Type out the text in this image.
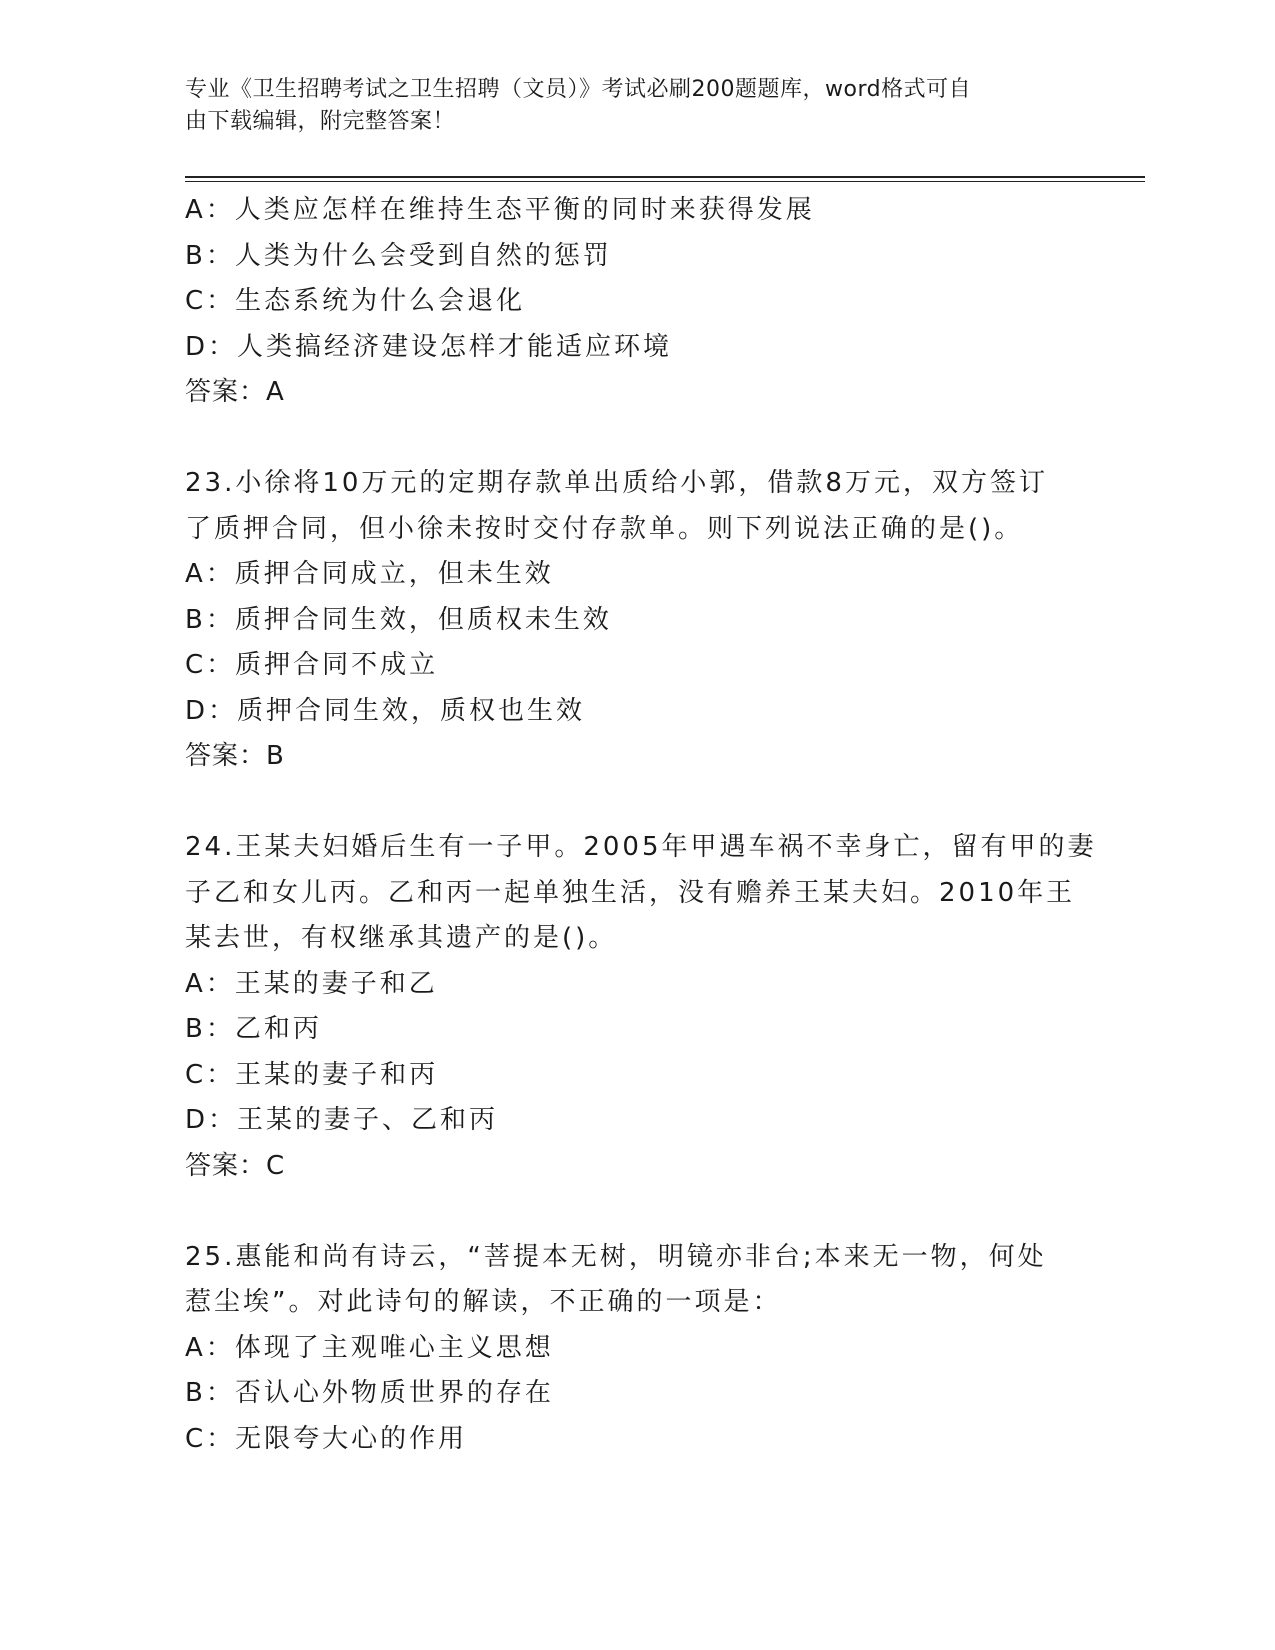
专业《卫生招聘考试之卫生招聘（文员）》考试必刷200题题库，word格式可自
由下载编辑，附完整答案！
A：人类应怎样在维持生态平衡的同时来获得发展
B：人类为什么会受到自然的惩罚
C：生态系统为什么会退化
D：人类搞经济建设怎样才能适应环境
答案：A
23.小徐将10万元的定期存款单出质给小郭，借款8万元，双方签订
了质押合同，但小徐未按时交付存款单。则下列说法正确的是()。
A：质押合同成立，但未生效
B：质押合同生效，但质权未生效
C：质押合同不成立
D：质押合同生效，质权也生效
答案：B
24.王某夫妇婚后生有一子甲。2005年甲遇车祸不幸身亡，留有甲的妻
子乙和女儿丙。乙和丙一起单独生活，没有赡养王某夫妇。2010年王
某去世，有权继承其遗产的是()。
A：王某的妻子和乙
B：乙和丙
C：王某的妻子和丙
D：王某的妻子、乙和丙
答案：C
25.惠能和尚有诗云，“菩提本无树，明镜亦非台;本来无一物，何处
惹尘埃”。对此诗句的解读，不正确的一项是：
A：体现了主观唯心主义思想
B：否认心外物质世界的存在
C：无限夸大心的作用
